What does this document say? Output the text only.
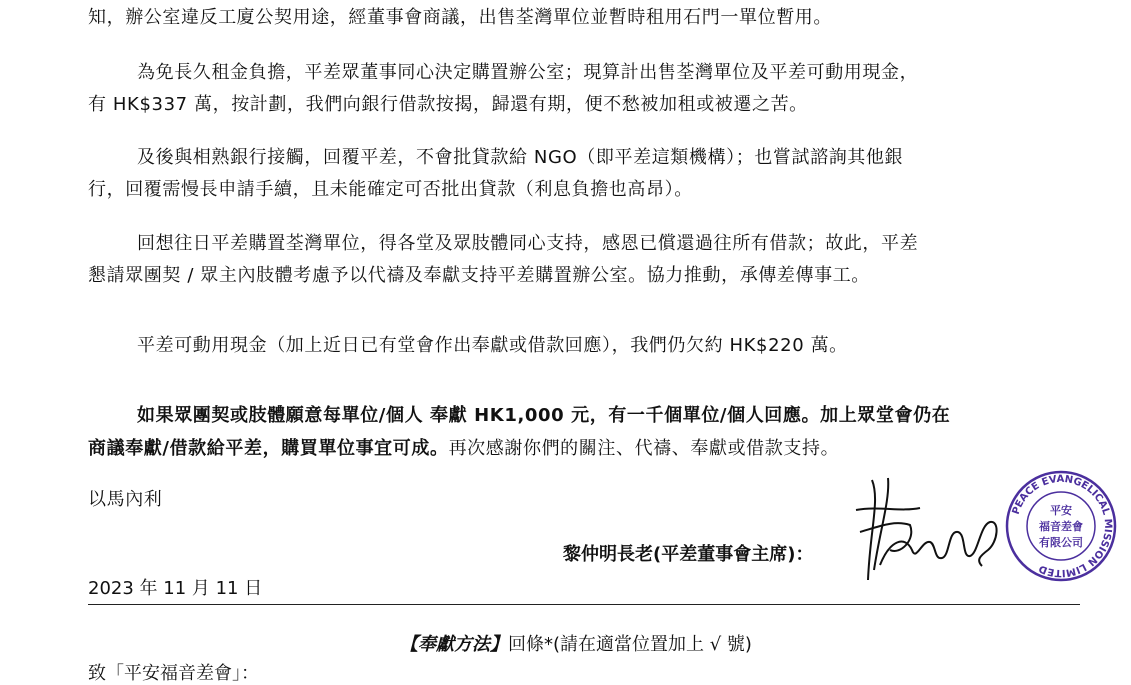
知，辦公室違反工廈公契用途，經董事會商議，出售荃灣單位並暫時租用石門一單位暫用。
為免長久租金負擔，平差眾董事同心決定購置辦公室；現算計出售荃灣單位及平差可動用現金，
有 HK$337 萬，按計劃，我們向銀行借款按揭，歸還有期，便不愁被加租或被遷之苦。
及後與相熟銀行接觸，回覆平差，不會批貸款給 NGO（即平差這類機構）；也嘗試諮詢其他銀
行，回覆需慢長申請手續，且未能確定可否批出貸款（利息負擔也高昂）。
回想往日平差購置荃灣單位，得各堂及眾肢體同心支持，感恩已償還過往所有借款；故此，平差
懇請眾團契 / 眾主內肢體考慮予以代禱及奉獻支持平差購置辦公室。協力推動，承傳差傳事工。
平差可動用現金（加上近日已有堂會作出奉獻或借款回應），我們仍欠約 HK$220 萬。
如果眾團契或肢體願意每單位/個人 奉獻 HK1,000 元，有一千個單位/個人回應。加上眾堂會仍在
商議奉獻/借款給平差，購買單位事宜可成。再次感謝你們的關注、代禱、奉獻或借款支持。
以馬內利
黎仲明長老(平差董事會主席)：
PEACE EVANGELICAL MISSION LIMITED
平安
福音差會
有限公司
2023 年 11 月 11 日
【奉獻方法】回條*(請在適當位置加上 √ 號)
致「平安福音差會」：
